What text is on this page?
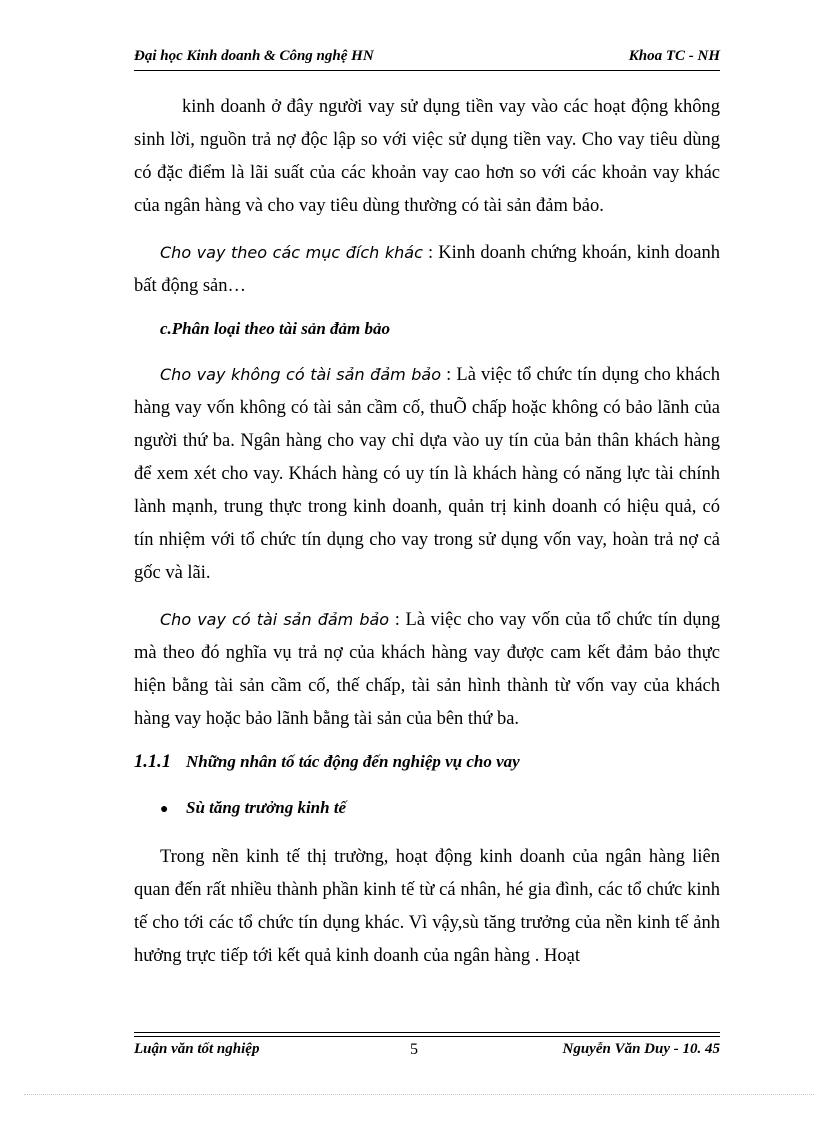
Đại học Kinh doanh & Công nghệ HN	Khoa TC - NH

kinh doanh ở đây người vay sử dụng tiền vay vào các hoạt động không sinh lời, nguồn trả nợ độc lập so với việc sử dụng tiền vay. Cho vay tiêu dùng có đặc điểm là lãi suất của các khoản vay cao hơn so với các khoản vay khác của ngân hàng và cho vay tiêu dùng thường có tài sản đảm bảo.

Cho vay theo các mục đích khác : Kinh doanh chứng khoán, kinh doanh bất động sản…

c.Phân loại theo tài sản đảm bảo

Cho vay không có tài sản đảm bảo : Là việc tổ chức tín dụng cho khách hàng vay vốn không có tài sản cầm cố, thuÕ chấp hoặc không có bảo lãnh của người thứ ba. Ngân hàng cho vay chỉ dựa vào uy tín của bản thân khách hàng để xem xét cho vay. Khách hàng có uy tín là khách hàng có năng lực tài chính lành mạnh, trung thực trong kinh doanh, quản trị kinh doanh có hiệu quả, có tín nhiệm với tổ chức tín dụng cho vay trong sử dụng vốn vay, hoàn trả nợ cả gốc và lãi.

Cho vay có tài sản đảm bảo : Là việc cho vay vốn của tổ chức tín dụng mà theo đó nghĩa vụ trả nợ của khách hàng vay được cam kết đảm bảo thực hiện bằng tài sản cầm cố, thế chấp, tài sản hình thành từ vốn vay của khách hàng vay hoặc bảo lãnh bằng tài sản của bên thứ ba.

1.1.1 Những nhân tố tác động đến nghiệp vụ cho vay
● Sù tăng trưởng kinh tế

Trong nền kinh tế thị trường, hoạt động kinh doanh của ngân hàng liên quan đến rất nhiều thành phần kinh tế từ cá nhân, hé gia đình, các tổ chức kinh tế cho tới các tổ chức tín dụng khác. Vì vậy,sù tăng trưởng của nền kinh tế ảnh hưởng trực tiếp tới kết quả kinh doanh của ngân hàng . Hoạt

Luận văn tốt nghiệp	5	Nguyễn Văn Duy - 10. 45
